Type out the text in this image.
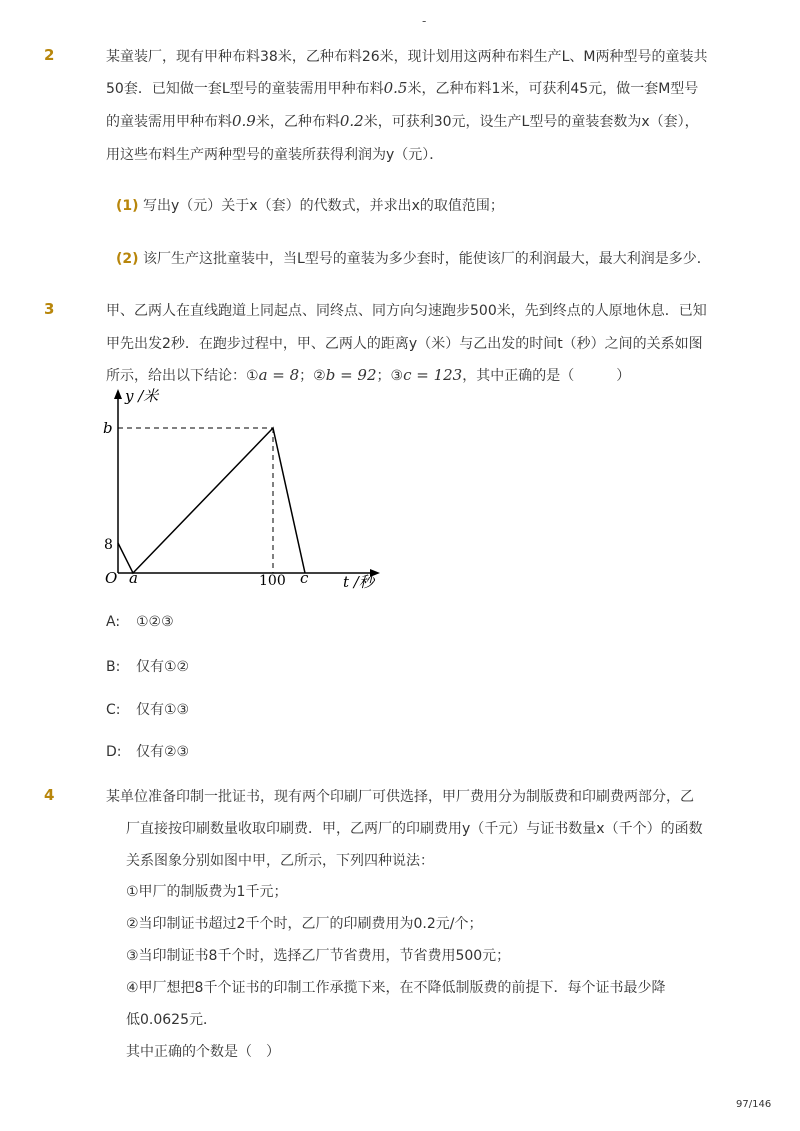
-
2	某童装厂，现有甲种布料38米，乙种布料26米，现计划用这两种布料生产L、M两种型号的童装共
50套．已知做一套L型号的童装需用甲种布料0.5米，乙种布料1米，可获利45元，做一套M型号
的童装需用甲种布料0.9米，乙种布料0.2米，可获利30元，设生产L型号的童装套数为x（套），
用这些布料生产两种型号的童装所获得利润为y（元）．
(1) 写出y（元）关于x（套）的代数式，并求出x的取值范围；
(2) 该厂生产这批童装中，当L型号的童装为多少套时，能使该厂的利润最大，最大利润是多少．
3	甲、乙两人在直线跑道上同起点、同终点、同方向匀速跑步500米，先到终点的人原地休息．已知
甲先出发2秒．在跑步过程中，甲、乙两人的距离y（米）与乙出发的时间t（秒）之间的关系如图
所示，给出以下结论：①a = 8；②b = 92；③c = 123，其中正确的是（　　　）
y /米
t /秒
O a	100 c
b
8
A: ①②③
B: 仅有①②
C: 仅有①③
D: 仅有②③
4	某单位准备印制一批证书，现有两个印刷厂可供选择，甲厂费用分为制版费和印刷费两部分，乙
厂直接按印刷数量收取印刷费．甲，乙两厂的印刷费用y（千元）与证书数量x（千个）的函数
关系图象分别如图中甲，乙所示，下列四种说法：
①甲厂的制版费为1千元；
②当印制证书超过2千个时，乙厂的印刷费用为0.2元/个；
③当印制证书8千个时，选择乙厂节省费用，节省费用500元；
④甲厂想把8千个证书的印制工作承揽下来，在不降低制版费的前提下．每个证书最少降
低0.0625元．
其中正确的个数是（　）
97/146
